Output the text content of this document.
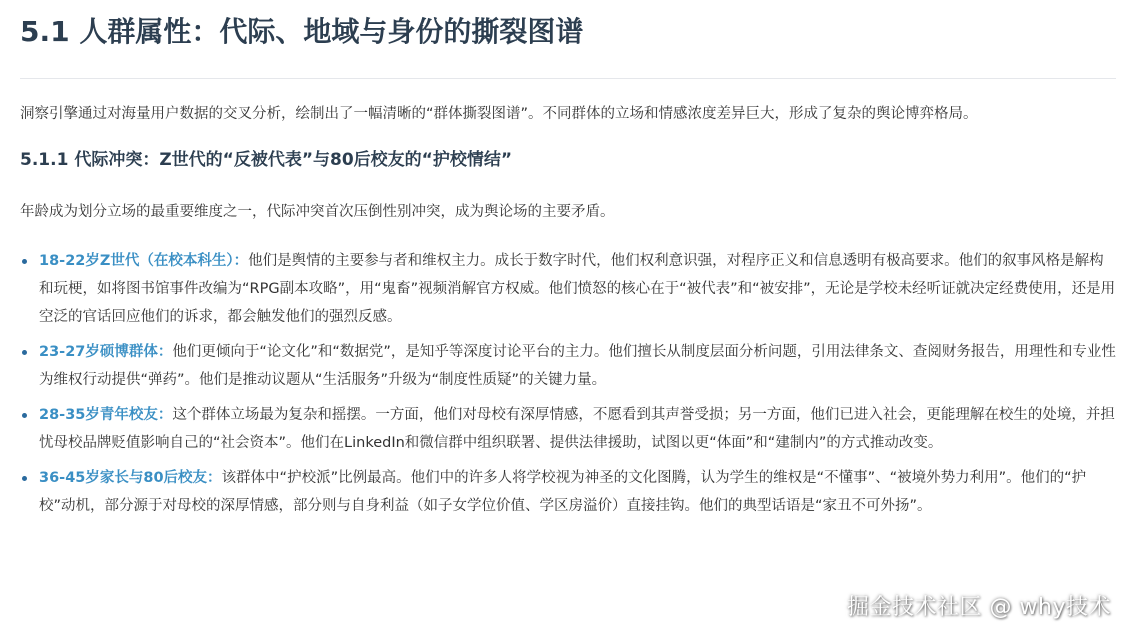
5.1 人群属性：代际、地域与身份的撕裂图谱

洞察引擎通过对海量用户数据的交叉分析，绘制出了一幅清晰的“群体撕裂图谱”。不同群体的立场和情感浓度差异巨大，形成了复杂的舆论博弈格局。

5.1.1 代际冲突：Z世代的“反被代表”与80后校友的“护校情结”

年龄成为划分立场的最重要维度之一，代际冲突首次压倒性别冲突，成为舆论场的主要矛盾。

18-22岁Z世代（在校本科生）：他们是舆情的主要参与者和维权主力。成长于数字时代，他们权利意识强，对程序正义和信息透明有极高要求。他们的叙事风格是解构和玩梗，如将图书馆事件改编为“RPG副本攻略”，用“鬼畜”视频消解官方权威。他们愤怒的核心在于“被代表”和“被安排”，无论是学校未经听证就决定经费使用，还是用空泛的官话回应他们的诉求，都会触发他们的强烈反感。
23-27岁硕博群体：他们更倾向于“论文化”和“数据党”，是知乎等深度讨论平台的主力。他们擅长从制度层面分析问题，引用法律条文、查阅财务报告，用理性和专业性为维权行动提供“弹药”。他们是推动议题从“生活服务”升级为“制度性质疑”的关键力量。
28-35岁青年校友：这个群体立场最为复杂和摇摆。一方面，他们对母校有深厚情感，不愿看到其声誉受损；另一方面，他们已进入社会，更能理解在校生的处境，并担忧母校品牌贬值影响自己的“社会资本”。他们在LinkedIn和微信群中组织联署、提供法律援助，试图以更“体面”和“建制内”的方式推动改变。
36-45岁家长与80后校友：该群体中“护校派”比例最高。他们中的许多人将学校视为神圣的文化图腾，认为学生的维权是“不懂事”、“被境外势力利用”。他们的“护校”动机，部分源于对母校的深厚情感，部分则与自身利益（如子女学位价值、学区房溢价）直接挂钩。他们的典型话语是“家丑不可外扬”。
掘金技术社区 @ why技术
